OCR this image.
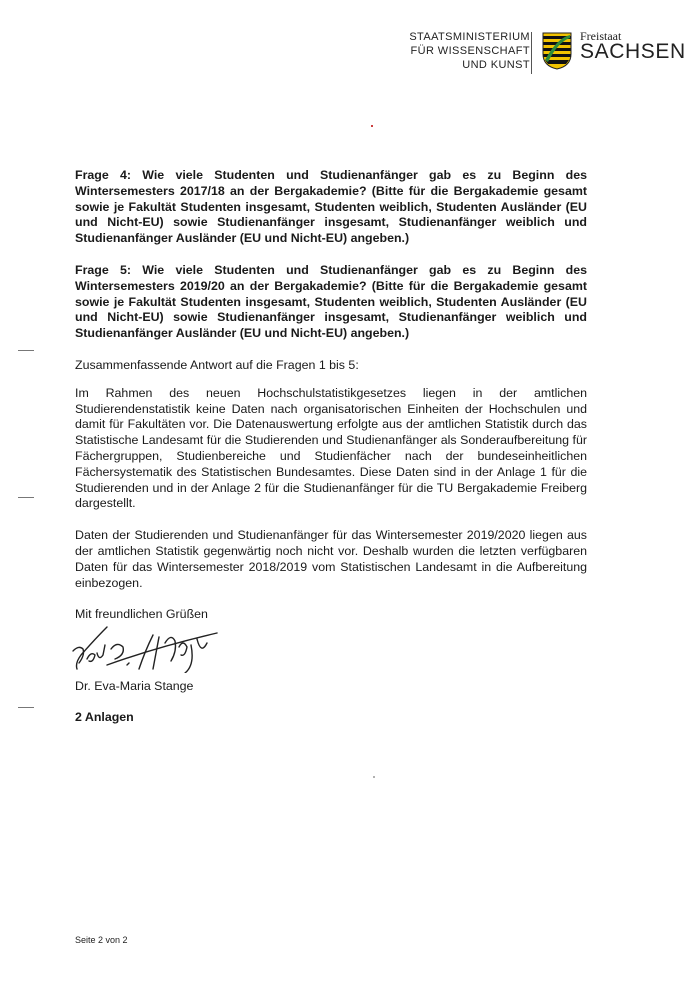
STAATSMINISTERIUM
FÜR WISSENSCHAFT
UND KUNST
Freistaat
SACHSEN

Frage 4: Wie viele Studenten und Studienanfänger gab es zu Beginn des Wintersemesters 2017/18 an der Bergakademie? (Bitte für die Bergakademie gesamt sowie je Fakultät Studenten insgesamt, Studenten weiblich, Studenten Ausländer (EU und Nicht-EU) sowie Studienanfänger insgesamt, Studienanfänger weiblich und Studienanfänger Ausländer (EU und Nicht-EU) angeben.)

Frage 5: Wie viele Studenten und Studienanfänger gab es zu Beginn des Wintersemesters 2019/20 an der Bergakademie? (Bitte für die Bergakademie gesamt sowie je Fakultät Studenten insgesamt, Studenten weiblich, Studenten Ausländer (EU und Nicht-EU) sowie Studienanfänger insgesamt, Studienanfänger weiblich und Studienanfänger Ausländer (EU und Nicht-EU) angeben.)

Zusammenfassende Antwort auf die Fragen 1 bis 5:

Im Rahmen des neuen Hochschulstatistikgesetzes liegen in der amtlichen Studierendenstatistik keine Daten nach organisatorischen Einheiten der Hochschulen und damit für Fakultäten vor. Die Datenauswertung erfolgte aus der amtlichen Statistik durch das Statistische Landesamt für die Studierenden und Studienanfänger als Sonderaufbereitung für Fächergruppen, Studienbereiche und Studienfächer nach der bundeseinheitlichen Fächersystematik des Statistischen Bundesamtes. Diese Daten sind in der Anlage 1 für die Studierenden und in der Anlage 2 für die Studienanfänger für die TU Bergakademie Freiberg dargestellt.

Daten der Studierenden und Studienanfänger für das Wintersemester 2019/2020 liegen aus der amtlichen Statistik gegenwärtig noch nicht vor. Deshalb wurden die letzten verfügbaren Daten für das Wintersemester 2018/2019 vom Statistischen Landesamt in die Aufbereitung einbezogen.

Mit freundlichen Grüßen

Dr. Eva-Maria Stange

2 Anlagen

Seite 2 von 2
